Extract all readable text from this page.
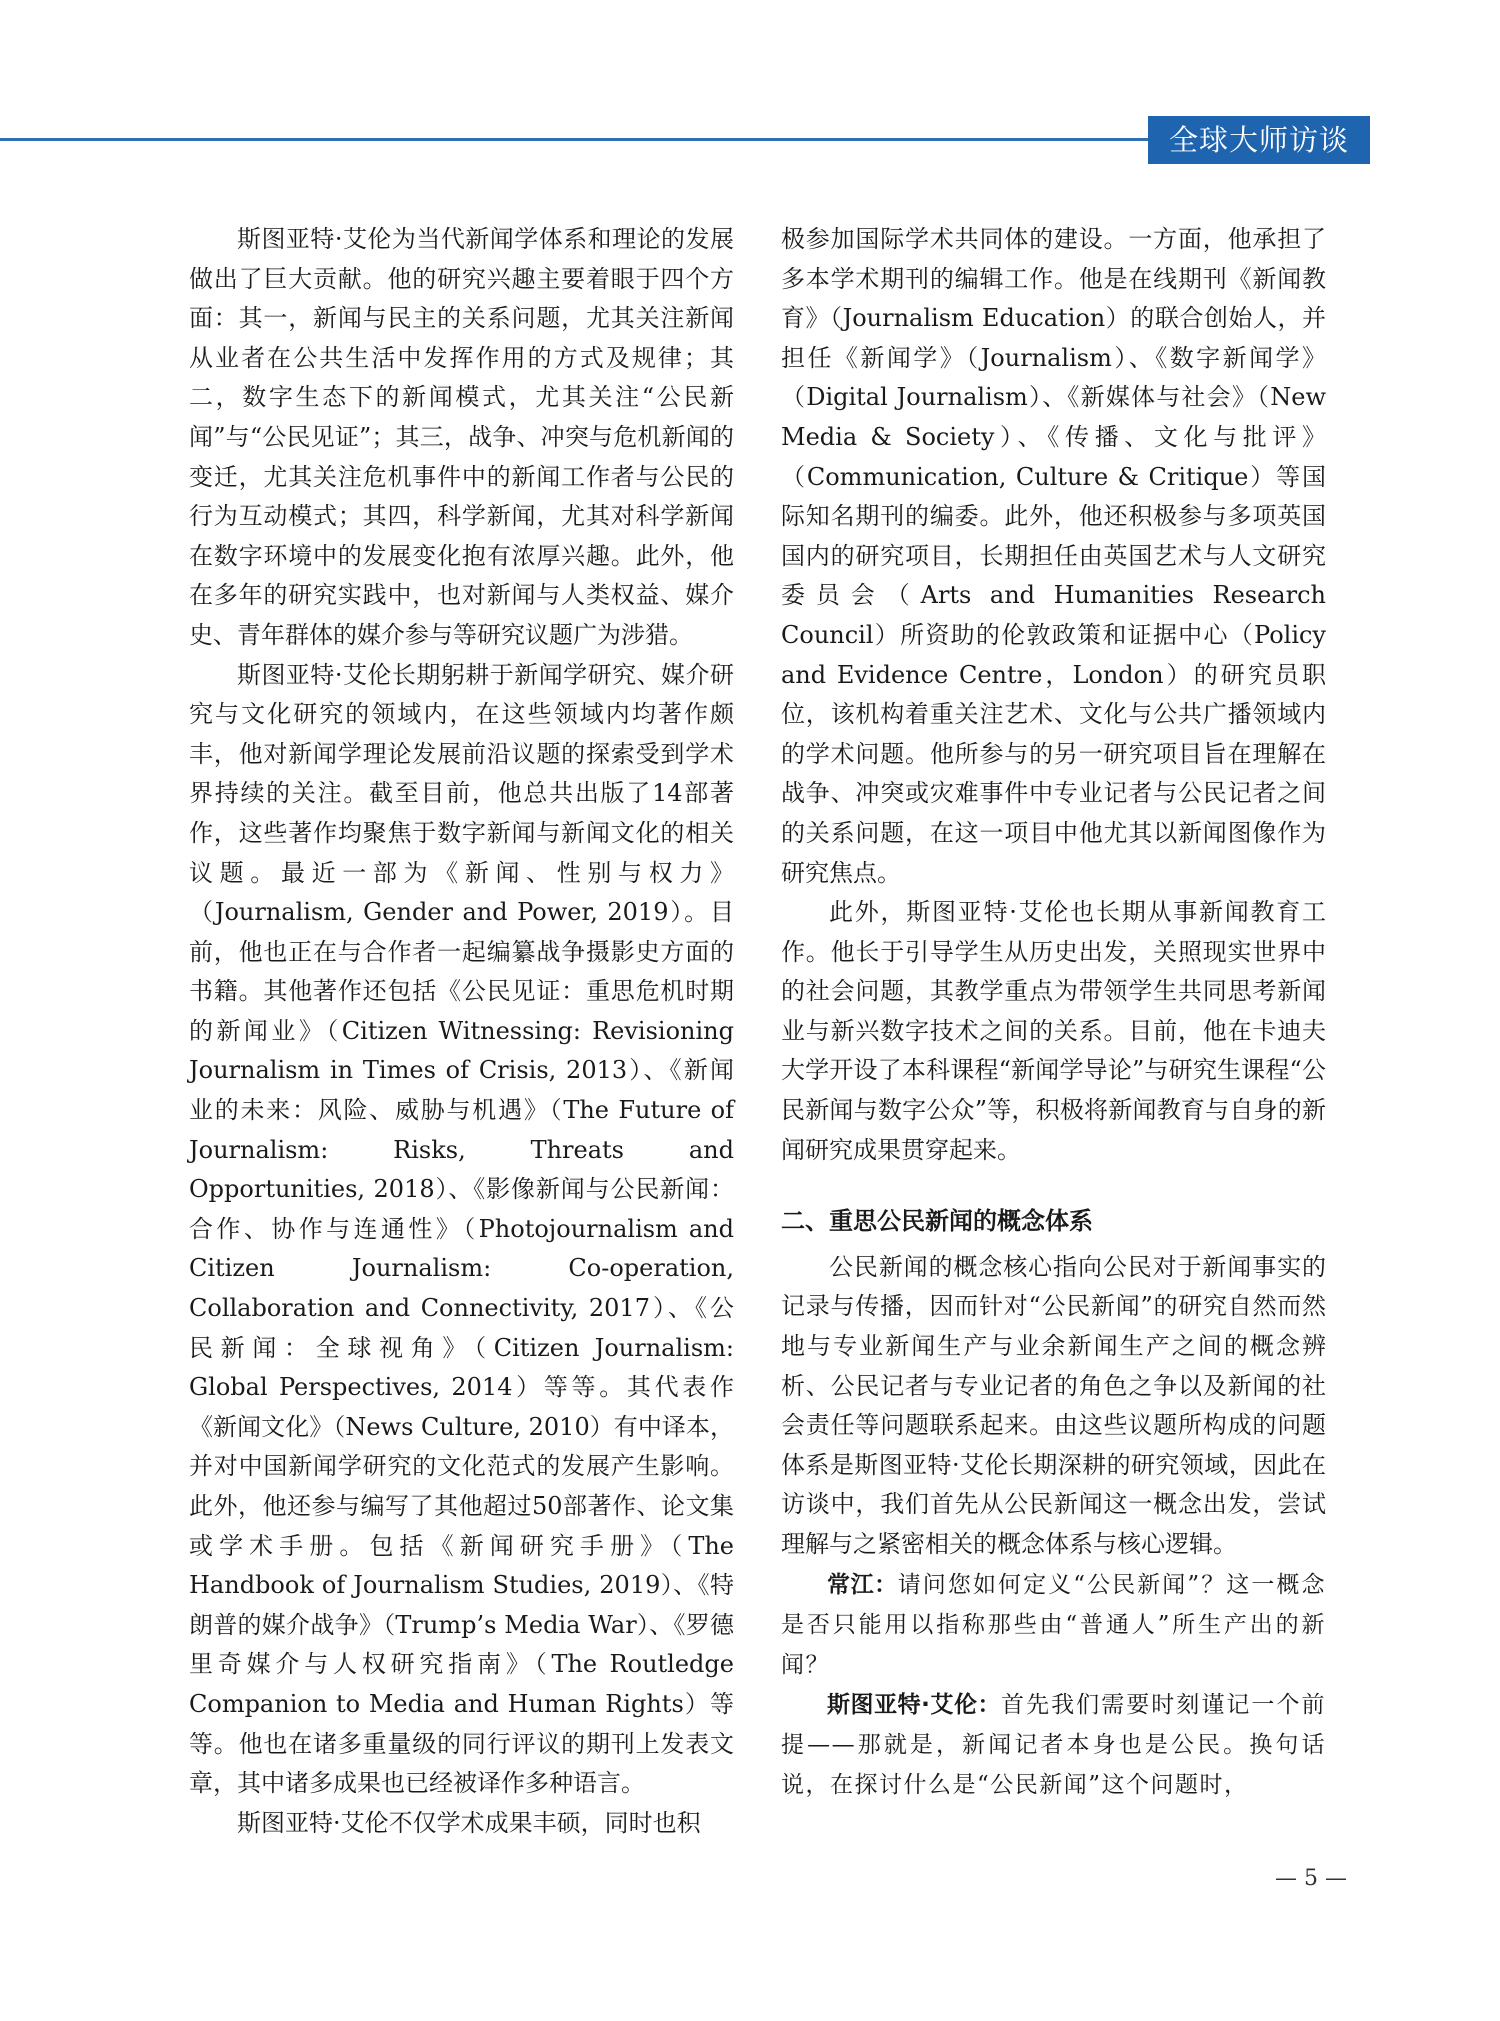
全球大师访谈

斯图亚特·艾伦为当代新闻学体系和理论的发展做出了巨大贡献。他的研究兴趣主要着眼于四个方面：其一，新闻与民主的关系问题，尤其关注新闻从业者在公共生活中发挥作用的方式及规律；其二，数字生态下的新闻模式，尤其关注“公民新闻”与“公民见证”；其三，战争、冲突与危机新闻的变迁，尤其关注危机事件中的新闻工作者与公民的行为互动模式；其四，科学新闻，尤其对科学新闻在数字环境中的发展变化抱有浓厚兴趣。此外，他在多年的研究实践中，也对新闻与人类权益、媒介史、青年群体的媒介参与等研究议题广为涉猎。

斯图亚特·艾伦长期躬耕于新闻学研究、媒介研究与文化研究的领域内，在这些领域内均著作颇丰，他对新闻学理论发展前沿议题的探索受到学术界持续的关注。截至目前，他总共出版了14部著作，这些著作均聚焦于数字新闻与新闻文化的相关议题。最近一部为《新闻、性别与权力》（Journalism, Gender and Power, 2019）。目前，他也正在与合作者一起编纂战争摄影史方面的书籍。其他著作还包括《公民见证：重思危机时期的新闻业》（Citizen Witnessing: Revisioning Journalism in Times of Crisis, 2013）、《新闻业的未来：风险、威胁与机遇》（The Future of Journalism: Risks, Threats and Opportunities, 2018）、《影像新闻与公民新闻：合作、协作与连通性》（Photojournalism and Citizen Journalism: Co-operation, Collaboration and Connectivity, 2017）、《公民新闻：全球视角》（Citizen Journalism: Global Perspectives, 2014）等等。其代表作《新闻文化》（News Culture, 2010）有中译本，并对中国新闻学研究的文化范式的发展产生影响。此外，他还参与编写了其他超过50部著作、论文集或学术手册。包括《新闻研究手册》（The Handbook of Journalism Studies, 2019）、《特朗普的媒介战争》（Trump’s Media War）、《罗德里奇媒介与人权研究指南》（The Routledge Companion to Media and Human Rights）等等。他也在诸多重量级的同行评议的期刊上发表文章，其中诸多成果也已经被译作多种语言。

斯图亚特·艾伦不仅学术成果丰硕，同时也积

极参加国际学术共同体的建设。一方面，他承担了多本学术期刊的编辑工作。他是在线期刊《新闻教育》（Journalism Education）的联合创始人，并担任《新闻学》（Journalism）、《数字新闻学》（Digital Journalism）、《新媒体与社会》（New Media & Society）、《传播、文化与批评》（Communication, Culture & Critique）等国际知名期刊的编委。此外，他还积极参与多项英国国内的研究项目，长期担任由英国艺术与人文研究委员会（Arts and Humanities Research Council）所资助的伦敦政策和证据中心（Policy and Evidence Centre，London）的研究员职位，该机构着重关注艺术、文化与公共广播领域内的学术问题。他所参与的另一研究项目旨在理解在战争、冲突或灾难事件中专业记者与公民记者之间的关系问题，在这一项目中他尤其以新闻图像作为研究焦点。

此外，斯图亚特·艾伦也长期从事新闻教育工作。他长于引导学生从历史出发，关照现实世界中的社会问题，其教学重点为带领学生共同思考新闻业与新兴数字技术之间的关系。目前，他在卡迪夫大学开设了本科课程“新闻学导论”与研究生课程“公民新闻与数字公众”等，积极将新闻教育与自身的新闻研究成果贯穿起来。

二、重思公民新闻的概念体系

公民新闻的概念核心指向公民对于新闻事实的记录与传播，因而针对“公民新闻”的研究自然而然地与专业新闻生产与业余新闻生产之间的概念辨析、公民记者与专业记者的角色之争以及新闻的社会责任等问题联系起来。由这些议题所构成的问题体系是斯图亚特·艾伦长期深耕的研究领域，因此在访谈中，我们首先从公民新闻这一概念出发，尝试理解与之紧密相关的概念体系与核心逻辑。

常江：请问您如何定义“公民新闻”？这一概念是否只能用以指称那些由“普通人”所生产出的新闻？

斯图亚特·艾伦：首先我们需要时刻谨记一个前提——那就是，新闻记者本身也是公民。换句话说，在探讨什么是“公民新闻”这个问题时，

— 5 —
